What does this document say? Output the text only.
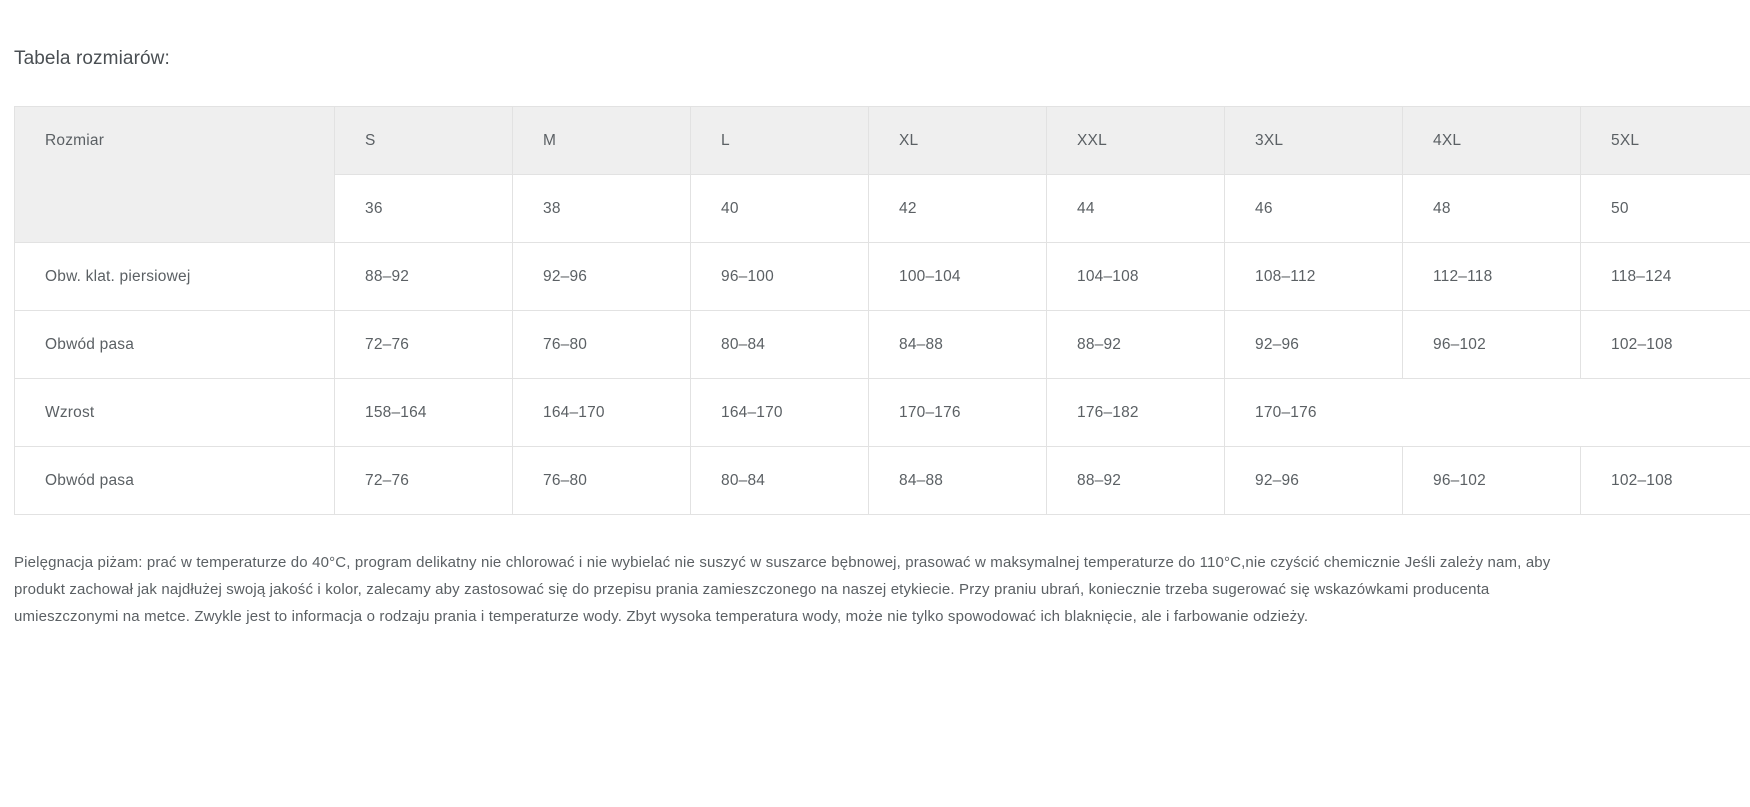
Tabela rozmiarów:
Rozmiar	S	M	L	XL	XXL	3XL	4XL	5XL
	36	38	40	42	44	46	48	50
Obw. klat. piersiowej	88–92	92–96	96–100	100–104	104–108	108–112	112–118	118–124
Obwód pasa	72–76	76–80	80–84	84–88	88–92	92–96	96–102	102–108
Wzrost	158–164	164–170	164–170	170–176	176–182	170–176		
Obwód pasa	72–76	76–80	80–84	84–88	88–92	92–96	96–102	102–108

Pielęgnacja piżam: prać w temperaturze do 40°C, program delikatny nie chlorować i nie wybielać nie suszyć w suszarce bębnowej, prasować w maksymalnej temperaturze do 110°C,nie czyścić chemicznie Jeśli zależy nam, aby produkt zachował jak najdłużej swoją jakość i kolor, zalecamy aby zastosować się do przepisu prania zamieszczonego na naszej etykiecie. Przy praniu ubrań, koniecznie trzeba sugerować się wskazówkami producenta umieszczonymi na metce. Zwykle jest to informacja o rodzaju prania i temperaturze wody. Zbyt wysoka temperatura wody, może nie tylko spowodować ich blaknięcie, ale i farbowanie odzieży.
